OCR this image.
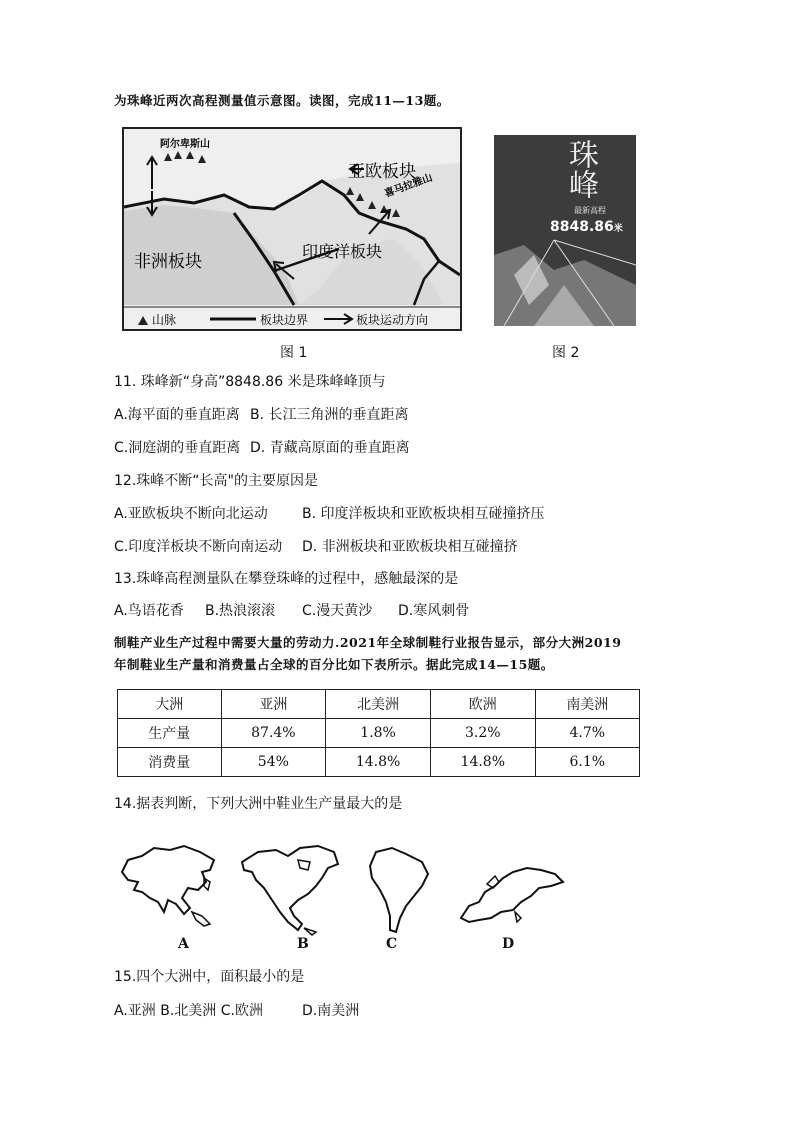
为珠峰近两次高程测量值示意图。读图，完成11—13题。
亚欧板块
非洲板块
印度洋板块
阿尔卑斯山
喜马拉雅山
山脉	板块边界	板块运动方向
图 1
珠峰
最新高程
8848.86米
图 2
11. 珠峰新“身高”8848.86 米是珠峰峰顶与
A.海平面的垂直距离 B. 长江三角洲的垂直距离
C.洞庭湖的垂直距离 D. 青藏高原面的垂直距离
12.珠峰不断“长高"的主要原因是
A.亚欧板块不断向北运动 B. 印度洋板块和亚欧板块相互碰撞挤压
C.印度洋板块不断向南运动 D. 非洲板块和亚欧板块相互碰撞挤
13.珠峰高程测量队在攀登珠峰的过程中，感触最深的是
A.鸟语花香 B.热浪滚滚 C.漫天黄沙 D.寒风刺骨
制鞋产业生产过程中需要大量的劳动力.2021年全球制鞋行业报告显示，部分大洲2019
年制鞋业生产量和消费量占全球的百分比如下表所示。据此完成14—15题。
大洲	亚洲	北美洲	欧洲	南美洲
生产量	87.4%	1.8%	3.2%	4.7%
消费量	54%	14.8%	14.8%	6.1%
14.据表判断，下列大洲中鞋业生产量最大的是
A	B	C	D
15.四个大洲中，面积最小的是
A.亚洲 B.北美洲 C.欧洲	D.南美洲
